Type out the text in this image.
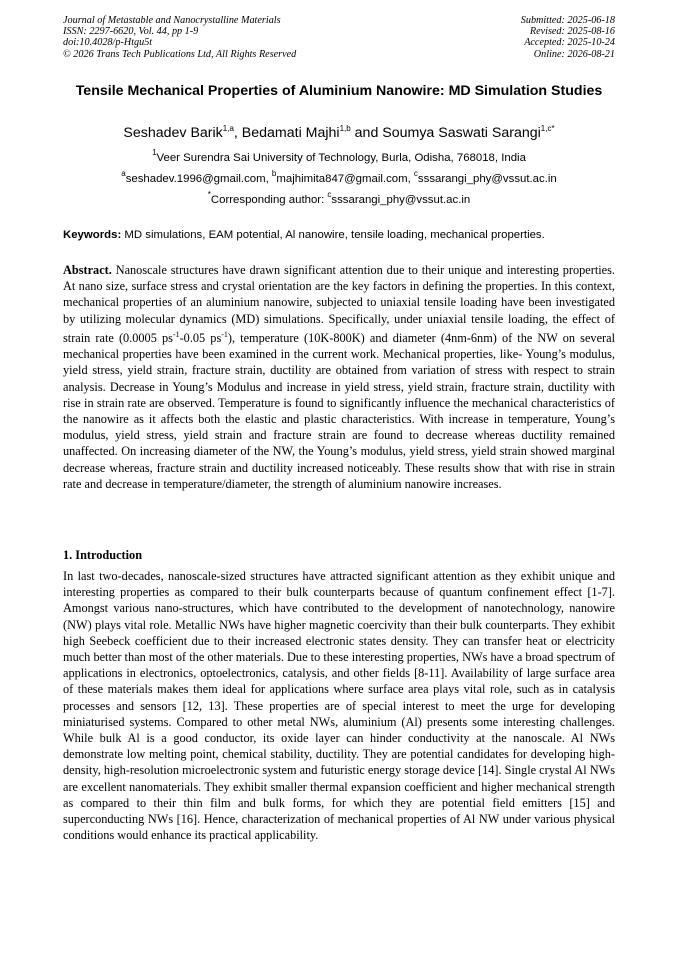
Journal of Metastable and Nanocrystalline Materials
ISSN: 2297-6620, Vol. 44, pp 1-9
doi:10.4028/p-Htgu5t
© 2026 Trans Tech Publications Ltd, All Rights Reserved
Submitted: 2025-06-18
Revised: 2025-08-16
Accepted: 2025-10-24
Online: 2026-08-21
Tensile Mechanical Properties of Aluminium Nanowire: MD Simulation Studies
Seshadev Barik$^{1,a}$, Bedamati Majhi$^{1,b}$ and Soumya Saswati Sarangi$^{1,c*}$
$^1$Veer Surendra Sai University of Technology, Burla, Odisha, 768018, India
$^a$seshadev.1996@gmail.com, $^b$majhimita847@gmail.com, $^c$sssarangi_phy@vssut.ac.in
*Corresponding author: $^c$sssarangi_phy@vssut.ac.in
Keywords: MD simulations, EAM potential, Al nanowire, tensile loading, mechanical properties.
Abstract. Nanoscale structures have drawn significant attention due to their unique and interesting properties. At nano size, surface stress and crystal orientation are the key factors in defining the properties. In this context, mechanical properties of an aluminium nanowire, subjected to uniaxial tensile loading have been investigated by utilizing molecular dynamics (MD) simulations. Specifically, under uniaxial tensile loading, the effect of strain rate (0.0005 $ps^{-1}-0.05$ $ps^{-1}$), temperature (10K-800K) and diameter (4nm-6nm) of the NW on several mechanical properties have been examined in the current work. Mechanical properties, like- Young’s modulus, yield stress, yield strain, fracture strain, ductility are obtained from variation of stress with respect to strain analysis. Decrease in Young’s Modulus and increase in yield stress, yield strain, fracture strain, ductility with rise in strain rate are observed. Temperature is found to significantly influence the mechanical characteristics of the nanowire as it affects both the elastic and plastic characteristics. With increase in temperature, Young’s modulus, yield stress, yield strain and fracture strain are found to decrease whereas ductility remained unaffected. On increasing diameter of the NW, the Young’s modulus, yield stress, yield strain showed marginal decrease whereas, fracture strain and ductility increased noticeably. These results show that with rise in strain rate and decrease in temperature/diameter, the strength of aluminium nanowire increases.
1. Introduction
In last two-decades, nanoscale-sized structures have attracted significant attention as they exhibit unique and interesting properties as compared to their bulk counterparts because of quantum confinement effect [1-7]. Amongst various nano-structures, which have contributed to the development of nanotechnology, nanowire (NW) plays vital role. Metallic NWs have higher magnetic coercivity than their bulk counterparts. They exhibit high Seebeck coefficient due to their increased electronic states density. They can transfer heat or electricity much better than most of the other materials. Due to these interesting properties, NWs have a broad spectrum of applications in electronics, optoelectronics, catalysis, and other fields [8-11]. Availability of large surface area of these materials makes them ideal for applications where surface area plays vital role, such as in catalysis processes and sensors [12, 13]. These properties are of special interest to meet the urge for developing miniaturised systems. Compared to other metal NWs, aluminium (Al) presents some interesting challenges. While bulk Al is a good conductor, its oxide layer can hinder conductivity at the nanoscale. Al NWs demonstrate low melting point, chemical stability, ductility. They are potential candidates for developing high-density, high-resolution microelectronic system and futuristic energy storage device [14]. Single crystal Al NWs are excellent nanomaterials. They exhibit smaller thermal expansion coefficient and higher mechanical strength as compared to their thin film and bulk forms, for which they are potential field emitters [15] and superconducting NWs [16]. Hence, characterization of mechanical properties of Al NW under various physical conditions would enhance its practical applicability.
